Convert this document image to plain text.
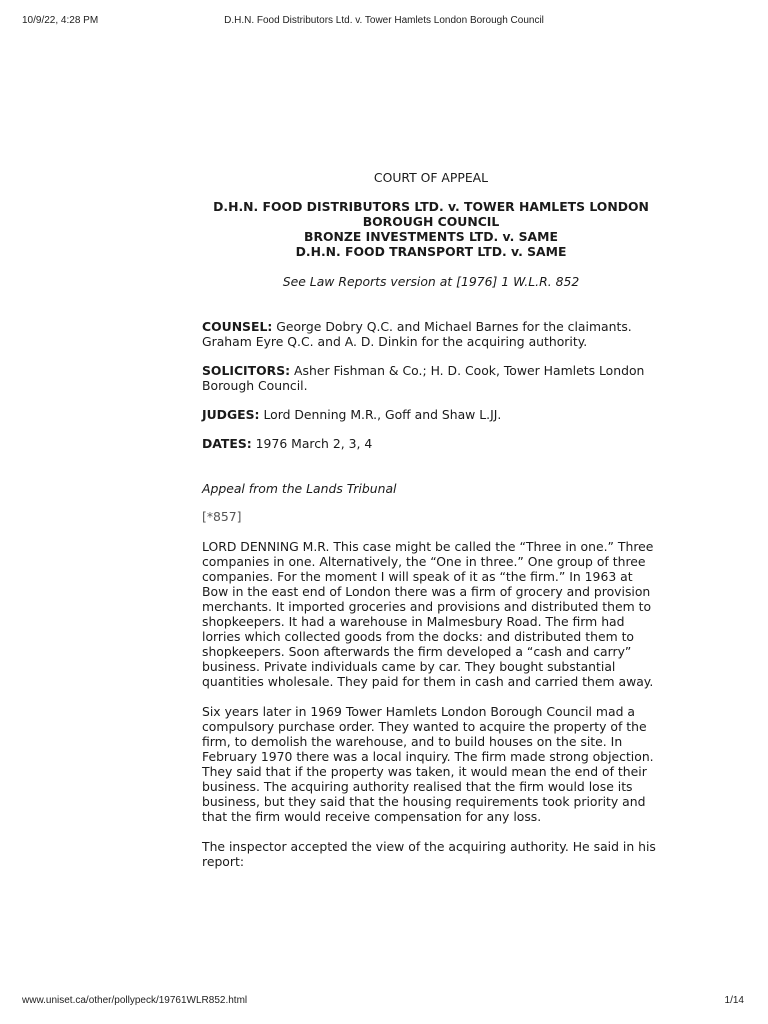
10/9/22, 4:28 PM	D.H.N. Food Distributors Ltd. v. Tower Hamlets London Borough Council

COURT OF APPEAL

D.H.N. FOOD DISTRIBUTORS LTD. v. TOWER HAMLETS LONDON BOROUGH COUNCIL

BRONZE INVESTMENTS LTD. v. SAME

D.H.N. FOOD TRANSPORT LTD. v. SAME

See Law Reports version at [1976] 1 W.L.R. 852

COUNSEL: George Dobry Q.C. and Michael Barnes for the claimants. Graham Eyre Q.C. and A. D. Dinkin for the acquiring authority.

SOLICITORS: Asher Fishman & Co.; H. D. Cook, Tower Hamlets London Borough Council.

JUDGES: Lord Denning M.R., Goff and Shaw L.JJ.

DATES: 1976 March 2, 3, 4

Appeal from the Lands Tribunal

[*857]

LORD DENNING M.R. This case might be called the “Three in one.” Three companies in one. Alternatively, the “One in three.” One group of three companies. For the moment I will speak of it as “the firm.” In 1963 at Bow in the east end of London there was a firm of grocery and provision merchants. It imported groceries and provisions and distributed them to shopkeepers. It had a warehouse in Malmesbury Road. The firm had lorries which collected goods from the docks: and distributed them to shopkeepers. Soon afterwards the firm developed a “cash and carry” business. Private individuals came by car. They bought substantial quantities wholesale. They paid for them in cash and carried them away.

Six years later in 1969 Tower Hamlets London Borough Council mad a compulsory purchase order. They wanted to acquire the property of the firm, to demolish the warehouse, and to build houses on the site. In February 1970 there was a local inquiry. The firm made strong objection. They said that if the property was taken, it would mean the end of their business. The acquiring authority realised that the firm would lose its business, but they said that the housing requirements took priority and that the firm would receive compensation for any loss.

The inspector accepted the view of the acquiring authority. He said in his report:

www.uniset.ca/other/pollypeck/19761WLR852.html	1/14
